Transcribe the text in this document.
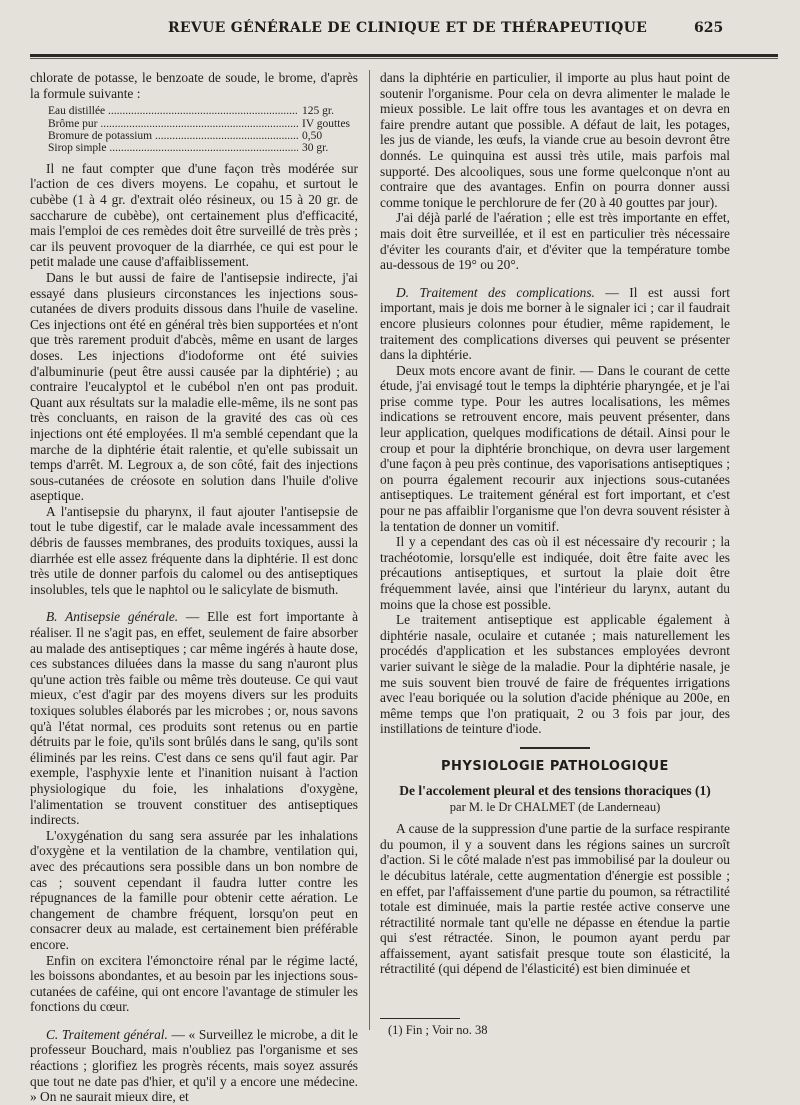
REVUE GÉNÉRALE DE CLINIQUE ET DE THÉRAPEUTIQUE	625

chlorate de potasse, le benzoate de soude, le brome, d'après la formule suivante :

Eau distillée .....	125 gr.
Brôme pur .....	IV gouttes
Bromure de potassium .....	0,50
Sirop simple .....	30 gr.

Il ne faut compter que d'une façon très modérée sur l'action de ces divers moyens. Le copahu, et surtout le cubèbe (1 à 4 gr. d'extrait oléo résineux, ou 15 à 20 gr. de saccharure de cubèbe), ont certainement plus d'efficacité, mais l'emploi de ces remèdes doit être surveillé de très près ; car ils peuvent provoquer de la diarrhée, ce qui est pour le petit malade une cause d'affaiblissement.

Dans le but aussi de faire de l'antisepsie indirecte, j'ai essayé dans plusieurs circonstances les injections sous-cutanées de divers produits dissous dans l'huile de vaseline. Ces injections ont été en général très bien supportées et n'ont que très rarement produit d'abcès, même en usant de larges doses. Les injections d'iodoforme ont été suivies d'albuminurie (peut être aussi causée par la diphtérie) ; au contraire l'eucalyptol et le cubébol n'en ont pas produit. Quant aux résultats sur la maladie elle-même, ils ne sont pas très concluants, en raison de la gravité des cas où ces injections ont été employées. Il m'a semblé cependant que la marche de la diphtérie était ralentie, et qu'elle subissait un temps d'arrêt. M. Legroux a, de son côté, fait des injections sous-cutanées de créosote en solution dans l'huile d'olive aseptique.

A l'antisepsie du pharynx, il faut ajouter l'antisepsie de tout le tube digestif, car le malade avale incessamment des débris de fausses membranes, des produits toxiques, aussi la diarrhée est elle assez fréquente dans la diphtérie. Il est donc très utile de donner parfois du calomel ou des antiseptiques insolubles, tels que le naphtol ou le salicylate de bismuth.

B. Antisepsie générale. — Elle est fort importante à réaliser. Il ne s'agit pas, en effet, seulement de faire absorber au malade des antiseptiques ; car même ingérés à haute dose, ces substances diluées dans la masse du sang n'auront plus qu'une action très faible ou même très douteuse. Ce qui vaut mieux, c'est d'agir par des moyens divers sur les produits toxiques solubles élaborés par les microbes ; or, nous savons qu'à l'état normal, ces produits sont retenus ou en partie détruits par le foie, qu'ils sont brûlés dans le sang, qu'ils sont éliminés par les reins. C'est dans ce sens qu'il faut agir. Par exemple, l'asphyxie lente et l'inanition nuisant à l'action physiologique du foie, les inhalations d'oxygène, l'alimentation se trouvent constituer des antiseptiques indirects.

L'oxygénation du sang sera assurée par les inhalations d'oxygène et la ventilation de la chambre, ventilation qui, avec des précautions sera possible dans un bon nombre de cas ; souvent cependant il faudra lutter contre les répugnances de la famille pour obtenir cette aération. Le changement de chambre fréquent, lorsqu'on peut en consacrer deux au malade, est certainement bien préférable encore.

Enfin on excitera l'émonctoire rénal par le régime lacté, les boissons abondantes, et au besoin par les injections sous-cutanées de caféine, qui ont encore l'avantage de stimuler les fonctions du cœur.

C. Traitement général. — « Surveillez le microbe, a dit le professeur Bouchard, mais n'oubliez pas l'organisme et ses réactions ; glorifiez les progrès récents, mais soyez assurés que tout ne date pas d'hier, et qu'il y a encore une médecine. » On ne saurait mieux dire, et

dans la diphtérie en particulier, il importe au plus haut point de soutenir l'organisme. Pour cela on devra alimenter le malade le mieux possible. Le lait offre tous les avantages et on devra en faire prendre autant que possible. A défaut de lait, les potages, les jus de viande, les œufs, la viande crue au besoin devront être donnés. Le quinquina est aussi très utile, mais parfois mal supporté. Des alcooliques, sous une forme quelconque n'ont au contraire que des avantages. Enfin on pourra donner aussi comme tonique le perchlorure de fer (20 à 40 gouttes par jour).

J'ai déjà parlé de l'aération ; elle est très importante en effet, mais doit être surveillée, et il est en particulier très nécessaire d'éviter les courants d'air, et d'éviter que la température tombe au-dessous de 19° ou 20°.

D. Traitement des complications. — Il est aussi fort important, mais je dois me borner à le signaler ici ; car il faudrait encore plusieurs colonnes pour étudier, même rapidement, le traitement des complications diverses qui peuvent se présenter dans la diphtérie.

Deux mots encore avant de finir. — Dans le courant de cette étude, j'ai envisagé tout le temps la diphtérie pharyngée, et je l'ai prise comme type. Pour les autres localisations, les mêmes indications se retrouvent encore, mais peuvent présenter, dans leur application, quelques modifications de détail. Ainsi pour le croup et pour la diphtérie bronchique, on devra user largement d'une façon à peu près continue, des vaporisations antiseptiques ; on pourra également recourir aux injections sous-cutanées antiseptiques. Le traitement général est fort important, et c'est pour ne pas affaiblir l'organisme que l'on devra souvent résister à la tentation de donner un vomitif.

Il y a cependant des cas où il est nécessaire d'y recourir ; la trachéotomie, lorsqu'elle est indiquée, doit être faite avec les précautions antiseptiques, et surtout la plaie doit être fréquemment lavée, ainsi que l'intérieur du larynx, autant du moins que la chose est possible.

Le traitement antiseptique est applicable également à diphtérie nasale, oculaire et cutanée ; mais naturellement les procédés d'application et les substances employées devront varier suivant le siège de la maladie. Pour la diphtérie nasale, je me suis souvent bien trouvé de faire de fréquentes irrigations avec l'eau boriquée ou la solution d'acide phénique au 200e, en même temps que l'on pratiquait, 2 ou 3 fois par jour, des instillations de teinture d'iode.

PHYSIOLOGIE PATHOLOGIQUE
De l'accolement pleural et des tensions thoraciques (1)
par M. le Dr CHALMET (de Landerneau)

A cause de la suppression d'une partie de la surface respirante du poumon, il y a souvent dans les régions saines un surcroît d'action. Si le côté malade n'est pas immobilisé par la douleur ou le décubitus latérale, cette augmentation d'énergie est possible ; en effet, par l'affaissement d'une partie du poumon, sa rétractilité totale est diminuée, mais la partie restée active conserve une rétractilité normale tant qu'elle ne dépasse en étendue la partie qui s'est rétractée. Sinon, le poumon ayant perdu par affaissement, ayant satisfait presque toute son élasticité, la rétractilité (qui dépend de l'élasticité) est bien diminuée et

(1) Fin ; Voir no. 38
